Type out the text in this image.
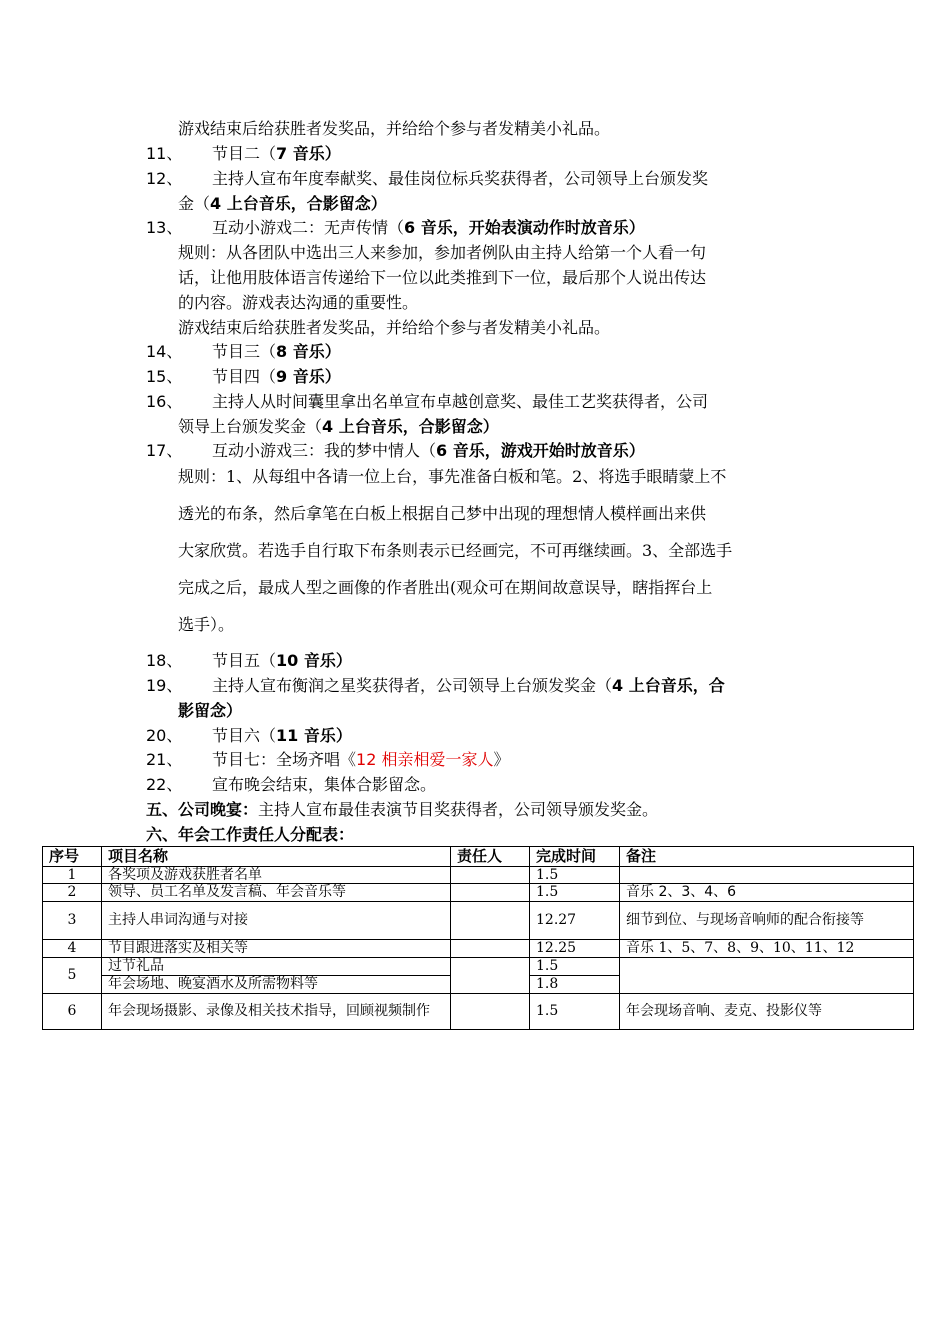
游戏结束后给获胜者发奖品，并给给个参与者发精美小礼品。
11、	节目二（7 音乐）
12、	主持人宣布年度奉献奖、最佳岗位标兵奖获得者，公司领导上台颁发奖
金（4 上台音乐，合影留念）
13、	互动小游戏二：无声传情（6 音乐，开始表演动作时放音乐）
规则：从各团队中选出三人来参加，参加者例队由主持人给第一个人看一句
话，让他用肢体语言传递给下一位以此类推到下一位，最后那个人说出传达
的内容。游戏表达沟通的重要性。
游戏结束后给获胜者发奖品，并给给个参与者发精美小礼品。
14、	节目三（8 音乐）
15、	节目四（9 音乐）
16、	主持人从时间囊里拿出名单宣布卓越创意奖、最佳工艺奖获得者，公司
领导上台颁发奖金（4 上台音乐，合影留念）
17、	互动小游戏三：我的梦中情人（6 音乐，游戏开始时放音乐）
规则：1、从每组中各请一位上台，事先准备白板和笔。2、将选手眼睛蒙上不
透光的布条，然后拿笔在白板上根据自己梦中出现的理想情人模样画出来供
大家欣赏。若选手自行取下布条则表示已经画完，不可再继续画。3、全部选手
完成之后，最成人型之画像的作者胜出(观众可在期间故意误导，瞎指挥台上
选手）。
18、	节目五（10 音乐）
19、	主持人宣布衡润之星奖获得者，公司领导上台颁发奖金（4 上台音乐，合
影留念）
20、	节目六（11 音乐）
21、	节目七：全场齐唱《12 相亲相爱一家人》
22、	宣布晚会结束，集体合影留念。
五、公司晚宴：主持人宣布最佳表演节目奖获得者，公司领导颁发奖金。
六、年会工作责任人分配表：
序号	项目名称	责任人	完成时间	备注
1	各奖项及游戏获胜者名单		1.5	
2	领导、员工名单及发言稿、年会音乐等		1.5	音乐 2、3、4、6
3	主持人串词沟通与对接		12.27	细节到位、与现场音响师的配合衔接等
4	节目跟进落实及相关等		12.25	音乐 1、5、7、8、9、10、11、12
5	过节礼品		1.5	
	年会场地、晚宴酒水及所需物料等		1.8	
6	年会现场摄影、录像及相关技术指导，回顾视频制作		1.5	年会现场音响、麦克、投影仪等
